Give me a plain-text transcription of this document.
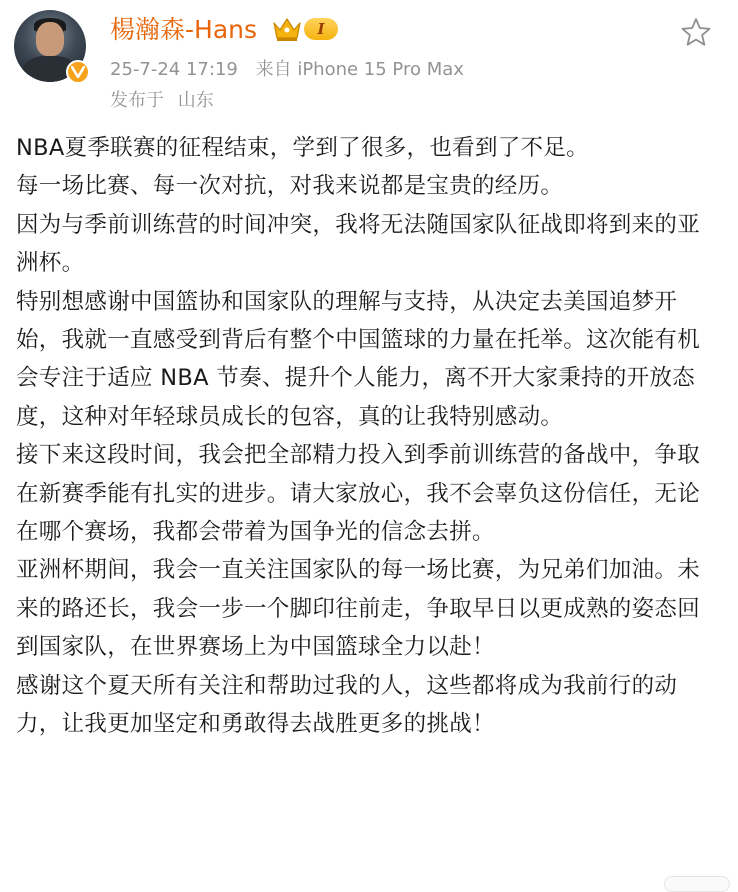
楊瀚森-Hans	I
25-7-24 17:19 来自 iPhone 15 Pro Max
发布于 山东

NBA夏季联赛的征程结束，学到了很多，也看到了不足。

每一场比赛、每一次对抗，对我来说都是宝贵的经历。

因为与季前训练营的时间冲突，我将无法随国家队征战即将到来的亚洲杯。

特别想感谢中国篮协和国家队的理解与支持，从决定去美国追梦开始，我就一直感受到背后有整个中国篮球的力量在托举。这次能有机会专注于适应 NBA 节奏、提升个人能力，离不开大家秉持的开放态度，这种对年轻球员成长的包容，真的让我特别感动。

接下来这段时间，我会把全部精力投入到季前训练营的备战中，争取在新赛季能有扎实的进步。请大家放心，我不会辜负这份信任，无论在哪个赛场，我都会带着为国争光的信念去拼。

亚洲杯期间，我会一直关注国家队的每一场比赛，为兄弟们加油。未来的路还长，我会一步一个脚印往前走，争取早日以更成熟的姿态回到国家队，在世界赛场上为中国篮球全力以赴！

感谢这个夏天所有关注和帮助过我的人，这些都将成为我前行的动力，让我更加坚定和勇敢得去战胜更多的挑战！
